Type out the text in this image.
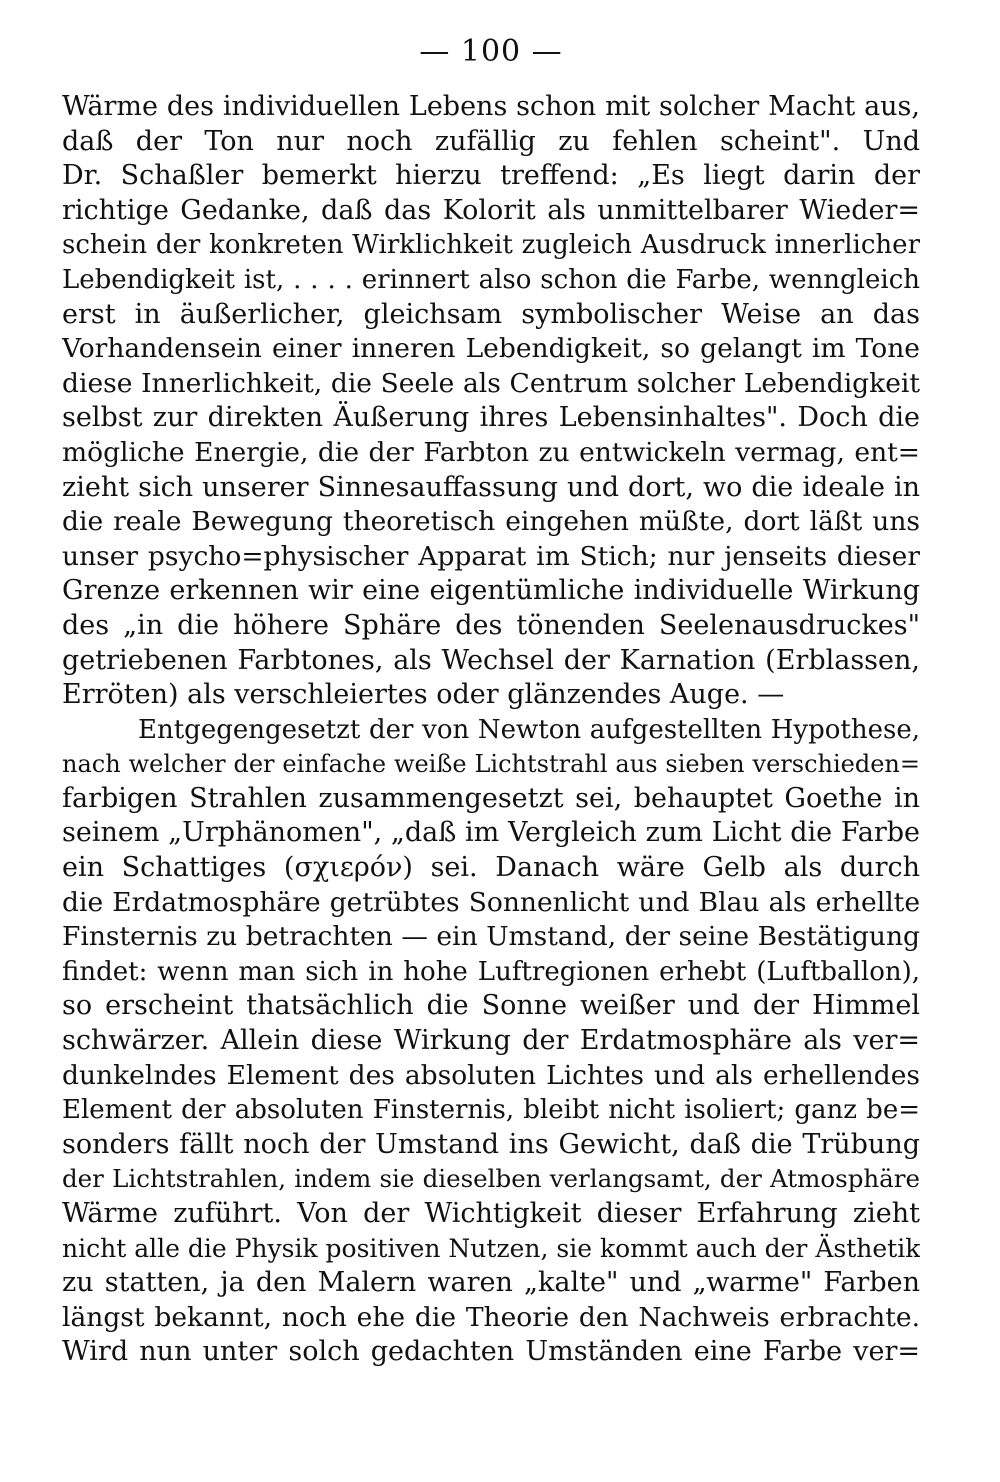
— 100 —
Wärme des individuellen Lebens schon mit solcher Macht aus,
daß der Ton nur noch zufällig zu fehlen scheint". Und
Dr. Schaßler bemerkt hierzu treffend: „Es liegt darin der
richtige Gedanke, daß das Kolorit als unmittelbarer Wieder=
schein der konkreten Wirklichkeit zugleich Ausdruck innerlicher
Lebendigkeit ist, . . . . erinnert also schon die Farbe, wenngleich
erst in äußerlicher, gleichsam symbolischer Weise an das
Vorhandensein einer inneren Lebendigkeit, so gelangt im Tone
diese Innerlichkeit, die Seele als Centrum solcher Lebendigkeit
selbst zur direkten Äußerung ihres Lebensinhaltes". Doch die
mögliche Energie, die der Farbton zu entwickeln vermag, ent=
zieht sich unserer Sinnesauffassung und dort, wo die ideale in
die reale Bewegung theoretisch eingehen müßte, dort läßt uns
unser psycho=physischer Apparat im Stich; nur jenseits dieser
Grenze erkennen wir eine eigentümliche individuelle Wirkung
des „in die höhere Sphäre des tönenden Seelenausdruckes"
getriebenen Farbtones, als Wechsel der Karnation (Erblassen,
Erröten) als verschleiertes oder glänzendes Auge. —
Entgegengesetzt der von Newton aufgestellten Hypothese,
nach welcher der einfache weiße Lichtstrahl aus sieben verschieden=
farbigen Strahlen zusammengesetzt sei, behauptet Goethe in
seinem „Urphänomen", „daß im Vergleich zum Licht die Farbe
ein Schattiges (σχιερόν) sei. Danach wäre Gelb als durch
die Erdatmosphäre getrübtes Sonnenlicht und Blau als erhellte
Finsternis zu betrachten — ein Umstand, der seine Bestätigung
findet: wenn man sich in hohe Luftregionen erhebt (Luftballon),
so erscheint thatsächlich die Sonne weißer und der Himmel
schwärzer. Allein diese Wirkung der Erdatmosphäre als ver=
dunkelndes Element des absoluten Lichtes und als erhellendes
Element der absoluten Finsternis, bleibt nicht isoliert; ganz be=
sonders fällt noch der Umstand ins Gewicht, daß die Trübung
der Lichtstrahlen, indem sie dieselben verlangsamt, der Atmosphäre
Wärme zuführt. Von der Wichtigkeit dieser Erfahrung zieht
nicht alle die Physik positiven Nutzen, sie kommt auch der Ästhetik
zu statten, ja den Malern waren „kalte" und „warme" Farben
längst bekannt, noch ehe die Theorie den Nachweis erbrachte.
Wird nun unter solch gedachten Umständen eine Farbe ver=
